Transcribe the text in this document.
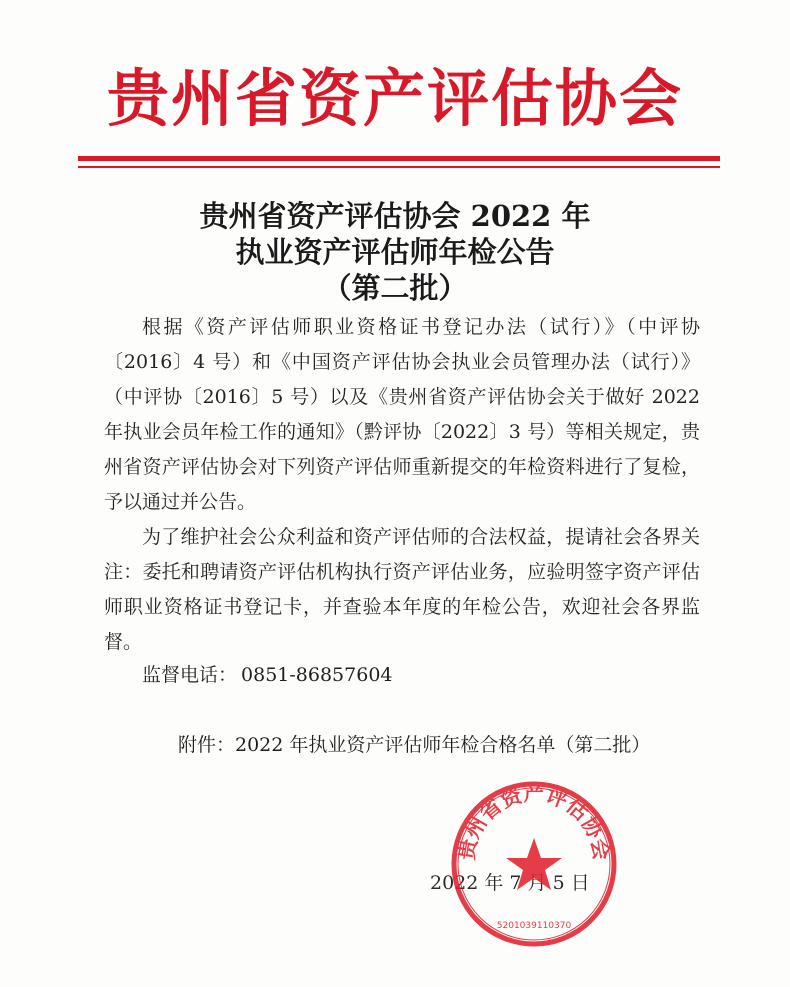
贵州省资产评估协会
贵州省资产评估协会 2022 年
执业资产评估师年检公告
（第二批）

根据《资产评估师职业资格证书登记办法（试行）》（中评协〔2016〕4 号）和《中国资产评估协会执业会员管理办法（试行）》（中评协〔2016〕5 号）以及《贵州省资产评估协会关于做好 2022 年执业会员年检工作的通知》（黔评协〔2022〕3 号）等相关规定，贵州省资产评估协会对下列资产评估师重新提交的年检资料进行了复检，予以通过并公告。

为了维护社会公众利益和资产评估师的合法权益，提请社会各界关注：委托和聘请资产评估机构执行资产评估业务，应验明签字资产评估师职业资格证书登记卡，并查验本年度的年检公告，欢迎社会各界监督。

监督电话： 0851-86857604
附件：2022 年执业资产评估师年检合格名单（第二批）
2022 年 7 月 5 日
贵州省资产评估协会
5201039110370
